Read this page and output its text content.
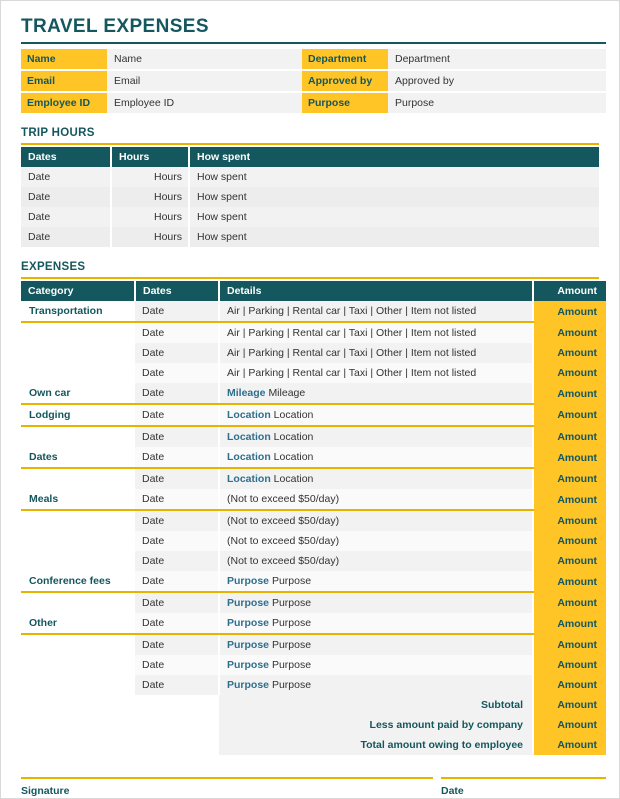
TRAVEL EXPENSES
Name	Name	Department	Department
Email	Email	Approved by	Approved by
Employee ID	Employee ID	Purpose	Purpose
TRIP HOURS
Dates	Hours	How spent
Date	Hours	How spent
Date	Hours	How spent
Date	Hours	How spent
Date	Hours	How spent
EXPENSES
Category	Dates	Details	Amount
Transportation	Date	Air | Parking | Rental car | Taxi | Other | Item not listed	Amount
	Date	Air | Parking | Rental car | Taxi | Other | Item not listed	Amount
	Date	Air | Parking | Rental car | Taxi | Other | Item not listed	Amount
	Date	Air | Parking | Rental car | Taxi | Other | Item not listed	Amount
Own car	Date	Mileage Mileage	Amount
Lodging	Date	Location Location	Amount
	Date	Location Location	Amount
Dates	Date	Location Location	Amount
	Date	Location Location	Amount
Meals	Date	(Not to exceed $50/day)	Amount
	Date	(Not to exceed $50/day)	Amount
	Date	(Not to exceed $50/day)	Amount
	Date	(Not to exceed $50/day)	Amount
Conference fees	Date	Purpose Purpose	Amount
	Date	Purpose Purpose	Amount
Other	Date	Purpose Purpose	Amount
	Date	Purpose Purpose	Amount
	Date	Purpose Purpose	Amount
	Date	Purpose Purpose	Amount
		Subtotal	Amount
		Less amount paid by company	Amount
		Total amount owing to employee	Amount
Signature	Date
